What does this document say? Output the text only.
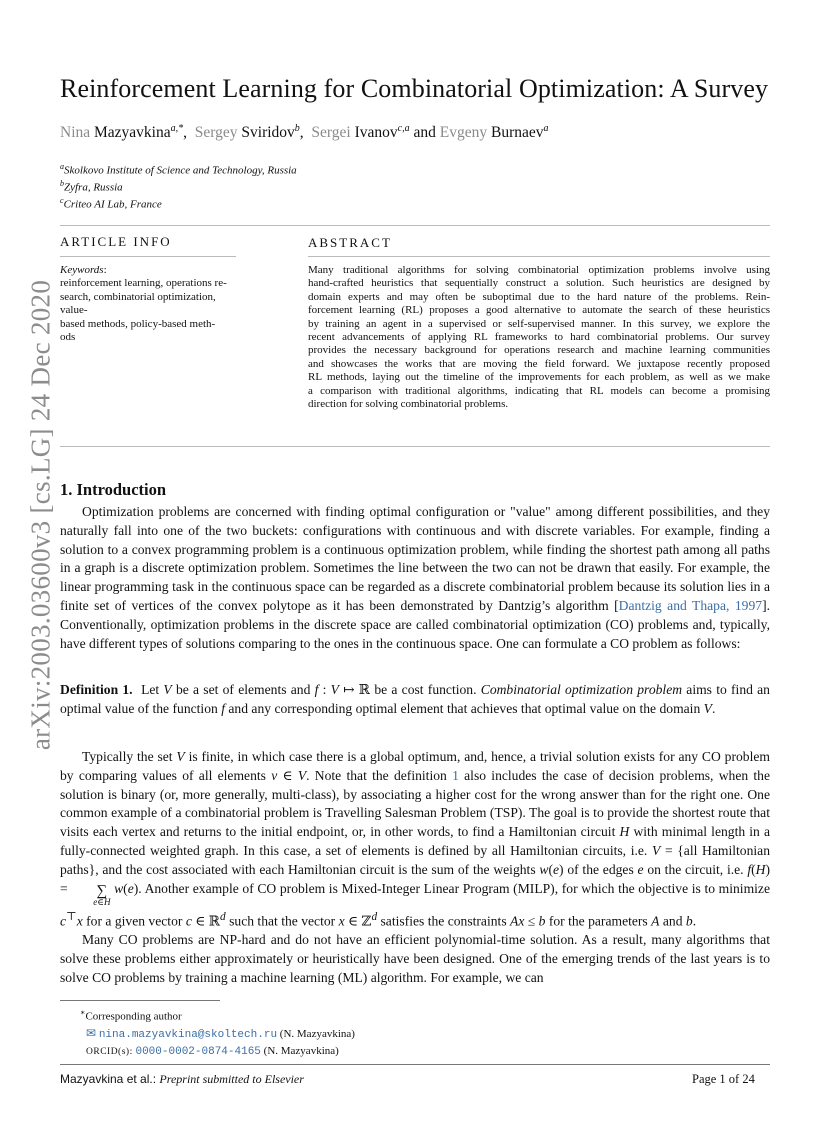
arXiv:2003.03600v3 [cs.LG] 24 Dec 2020
Reinforcement Learning for Combinatorial Optimization: A Survey
Nina Mazyavkina$^{a,*}$,  Sergey Sviridov$^b$,  Sergei Ivanov$^{c,a}$ and Evgeny Burnaev$^a$
$^a$Skolkovo Institute of Science and Technology, Russia
$^b$Zyfra, Russia
$^c$Criteo AI Lab, France
ARTICLE INFO	ABSTRACT
Keywords:
reinforcement learning, operations re-
search, combinatorial optimization, value-
based methods, policy-based meth-
ods
Many traditional algorithms for solving combinatorial optimization problems involve using
hand-crafted heuristics that sequentially construct a solution. Such heuristics are designed by
domain experts and may often be suboptimal due to the hard nature of the problems. Rein-
forcement learning (RL) proposes a good alternative to automate the search of these heuristics
by training an agent in a supervised or self-supervised manner. In this survey, we explore the
recent advancements of applying RL frameworks to hard combinatorial problems. Our survey
provides the necessary background for operations research and machine learning communities
and showcases the works that are moving the field forward. We juxtapose recently proposed
RL methods, laying out the timeline of the improvements for each problem, as well as we make
a comparison with traditional algorithms, indicating that RL models can become a promising
direction for solving combinatorial problems.
1. Introduction

Optimization problems are concerned with finding optimal configuration or "value" among different possibilities, and they naturally fall into one of the two buckets: configurations with continuous and with discrete variables. For example, finding a solution to a convex programming problem is a continuous optimization problem, while finding the shortest path among all paths in a graph is a discrete optimization problem. Sometimes the line between the two can not be drawn that easily. For example, the linear programming task in the continuous space can be regarded as a discrete combinatorial problem because its solution lies in a finite set of vertices of the convex polytope as it has been demonstrated by Dantzig’s algorithm [Dantzig and Thapa, 1997]. Conventionally, optimization problems in the discrete space are called combinatorial optimization (CO) problems and, typically, have different types of solutions comparing to the ones in the continuous space. One can formulate a CO problem as follows:

Definition 1. Let V be a set of elements and f : V ↦ ℝ be a cost function. Combinatorial optimization problem aims to find an optimal value of the function f and any corresponding optimal element that achieves that optimal value on the domain V.

Typically the set V is finite, in which case there is a global optimum, and, hence, a trivial solution exists for any CO problem by comparing values of all elements v ∈ V. Note that the definition 1 also includes the case of decision problems, when the solution is binary (or, more generally, multi-class), by associating a higher cost for the wrong answer than for the right one. One common example of a combinatorial problem is Travelling Salesman Problem (TSP). The goal is to provide the shortest route that visits each vertex and returns to the initial endpoint, or, in other words, to find a Hamiltonian circuit H with minimal length in a fully-connected weighted graph. In this case, a set of elements is defined by all Hamiltonian circuits, i.e. V = {all Hamiltonian paths}, and the cost associated with each Hamiltonian circuit is the sum of the weights w(e) of the edges e on the circuit, i.e. f(H) =	∑
e∈H
w(e). Another example of CO problem is Mixed-Integer Linear Program (MILP), for which the objective is to minimize c⊤x for a given vector c ∈ ℝ$^d$ such that the vector x ∈ ℤ$^d$ satisfies the constraints Ax ≤ b for the parameters A and b.

Many CO problems are NP-hard and do not have an efficient polynomial-time solution. As a result, many algorithms that solve these problems either approximately or heuristically have been designed. One of the emerging trends of the last years is to solve CO problems by training a machine learning (ML) algorithm. For example, we can

∗Corresponding author
✉ nina.mazyavkina@skoltech.ru (N. Mazyavkina)
ORCID(s): 0000-0002-0874-4165 (N. Mazyavkina)
Mazyavkina et al.: Preprint submitted to Elsevier	Page 1 of 24
